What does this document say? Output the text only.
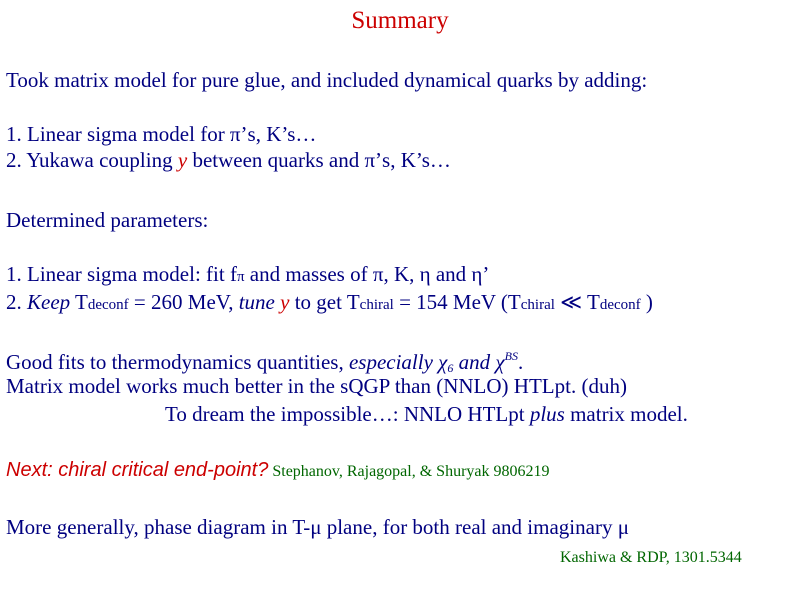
Summary
Took matrix model for pure glue, and included dynamical quarks by adding:
1. Linear sigma model for π’s, K’s…
2. Yukawa coupling y between quarks and π’s, K’s…
Determined parameters:
1. Linear sigma model: fit fπ and masses of π, K, η and η’
2. Keep Tdeconf = 260 MeV, tune y to get Tchiral = 154 MeV (Tchiral ≪ Tdeconf )
Good fits to thermodynamics quantities, especially χ6 and $\chi^{BS}$.
Matrix model works much better in the sQGP than (NNLO) HTLpt. (duh)
To dream the impossible…: NNLO HTLpt plus matrix model.
Next: chiral critical end-point? Stephanov, Rajagopal, & Shuryak 9806219
More generally, phase diagram in T-μ plane, for both real and imaginary μ
Kashiwa & RDP, 1301.5344
